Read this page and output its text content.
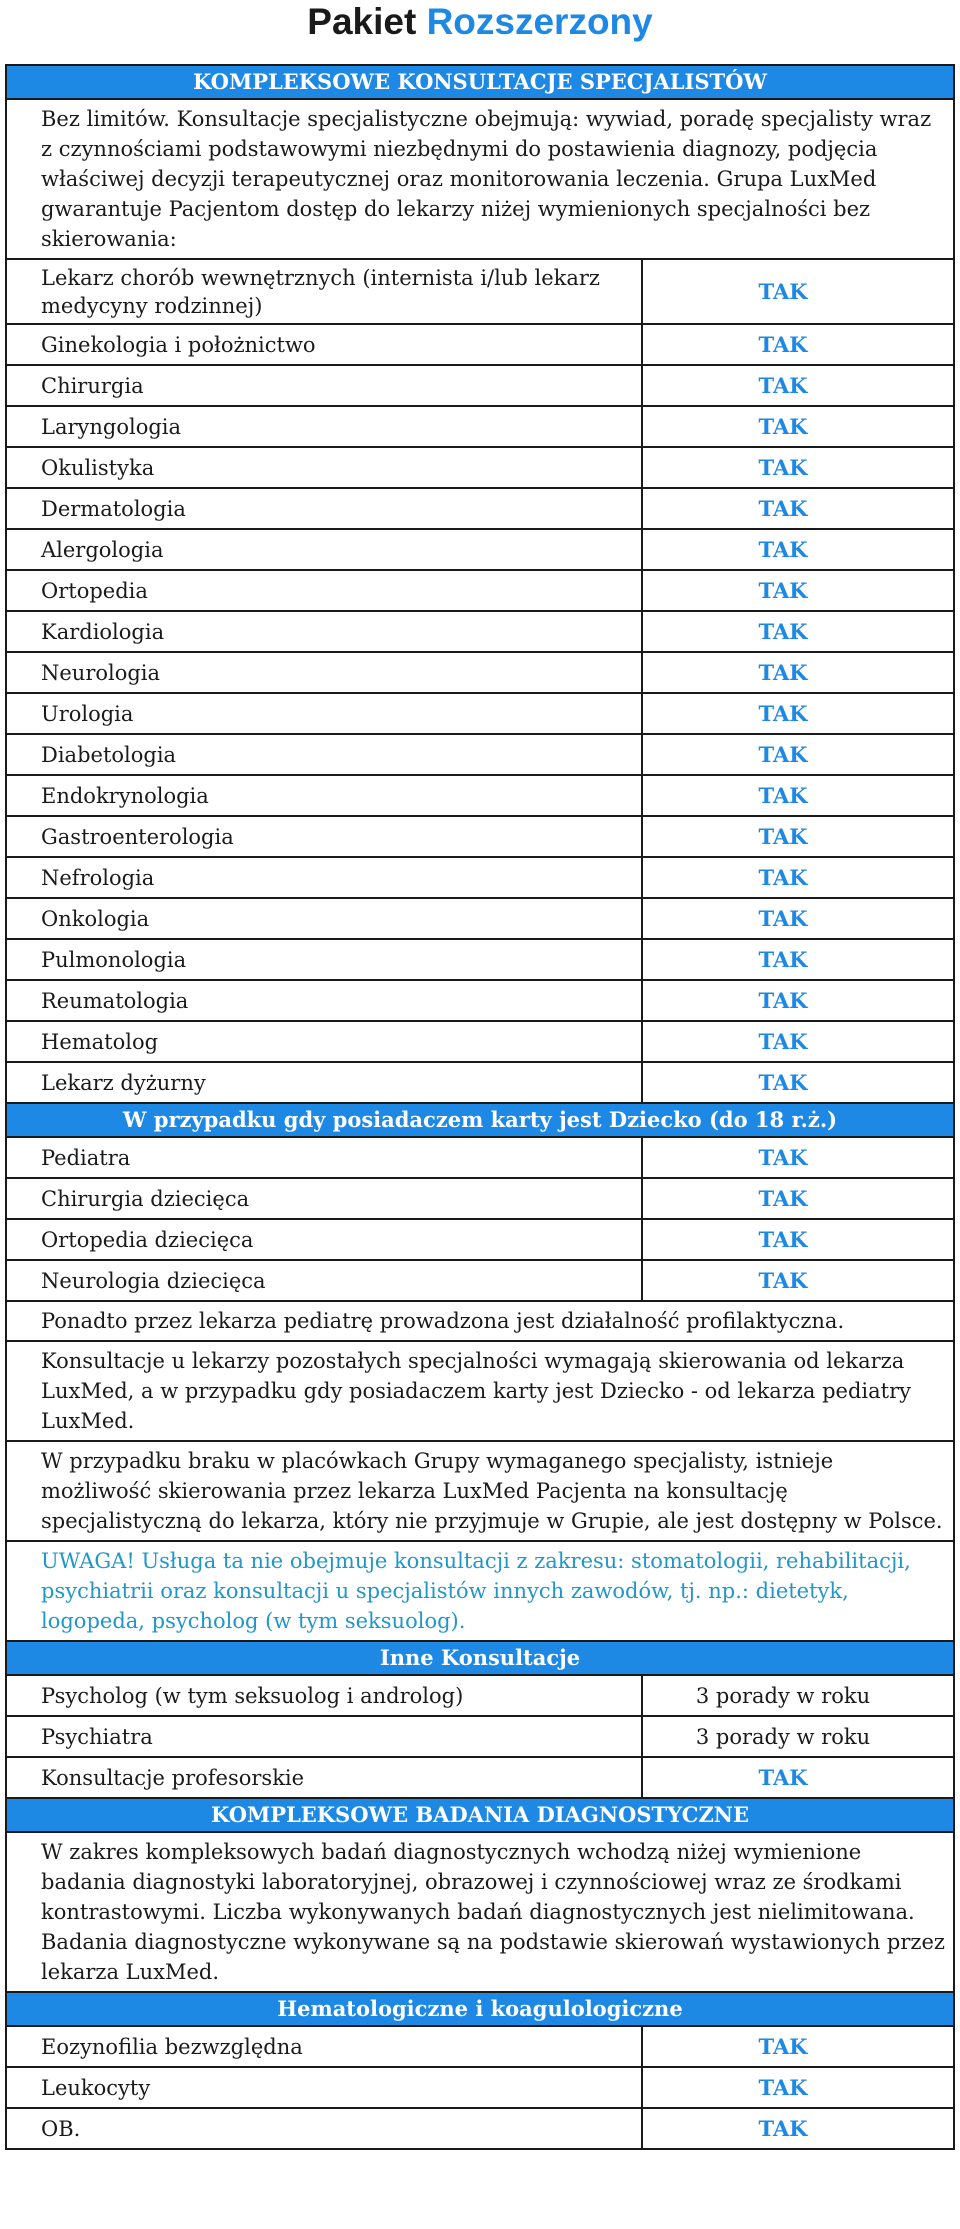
Pakiet Rozszerzony
KOMPLEKSOWE KONSULTACJE SPECJALISTÓW	
Bez limitów. Konsultacje specjalistyczne obejmują: wywiad, poradę specjalisty wraz z czynnościami podstawowymi niezbędnymi do postawienia diagnozy, podjęcia właściwej decyzji terapeutycznej oraz monitorowania leczenia. Grupa LuxMed gwarantuje Pacjentom dostęp do lekarzy niżej wymienionych specjalności bez skierowania:	
Lekarz chorób wewnętrznych (internista i/lub lekarz medycyny rodzinnej)	TAK
Ginekologia i położnictwo	TAK
Chirurgia	TAK
Laryngologia	TAK
Okulistyka	TAK
Dermatologia	TAK
Alergologia	TAK
Ortopedia	TAK
Kardiologia	TAK
Neurologia	TAK
Urologia	TAK
Diabetologia	TAK
Endokrynologia	TAK
Gastroenterologia	TAK
Nefrologia	TAK
Onkologia	TAK
Pulmonologia	TAK
Reumatologia	TAK
Hematolog	TAK
Lekarz dyżurny	TAK
W przypadku gdy posiadaczem karty jest Dziecko (do 18 r.ż.)	
Pediatra	TAK
Chirurgia dziecięca	TAK
Ortopedia dziecięca	TAK
Neurologia dziecięca	TAK
Ponadto przez lekarza pediatrę prowadzona jest działalność profilaktyczna.	
Konsultacje u lekarzy pozostałych specjalności wymagają skierowania od lekarza LuxMed, a w przypadku gdy posiadaczem karty jest Dziecko - od lekarza pediatry LuxMed.	
W przypadku braku w placówkach Grupy wymaganego specjalisty, istnieje możliwość skierowania przez lekarza LuxMed Pacjenta na konsultację specjalistyczną do lekarza, który nie przyjmuje w Grupie, ale jest dostępny w Polsce.	
UWAGA! Usługa ta nie obejmuje konsultacji z zakresu: stomatologii, rehabilitacji, psychiatrii oraz konsultacji u specjalistów innych zawodów, tj. np.: dietetyk, logopeda, psycholog (w tym seksuolog).	
Inne Konsultacje	
Psycholog (w tym seksuolog i androlog)	3 porady w roku
Psychiatra	3 porady w roku
Konsultacje profesorskie	TAK
KOMPLEKSOWE BADANIA DIAGNOSTYCZNE	
W zakres kompleksowych badań diagnostycznych wchodzą niżej wymienione badania diagnostyki laboratoryjnej, obrazowej i czynnościowej wraz ze środkami kontrastowymi. Liczba wykonywanych badań diagnostycznych jest nielimitowana. Badania diagnostyczne wykonywane są na podstawie skierowań wystawionych przez lekarza LuxMed.	
Hematologiczne i koagulologiczne	
Eozynofilia bezwzględna	TAK
Leukocyty	TAK
OB.	TAK
